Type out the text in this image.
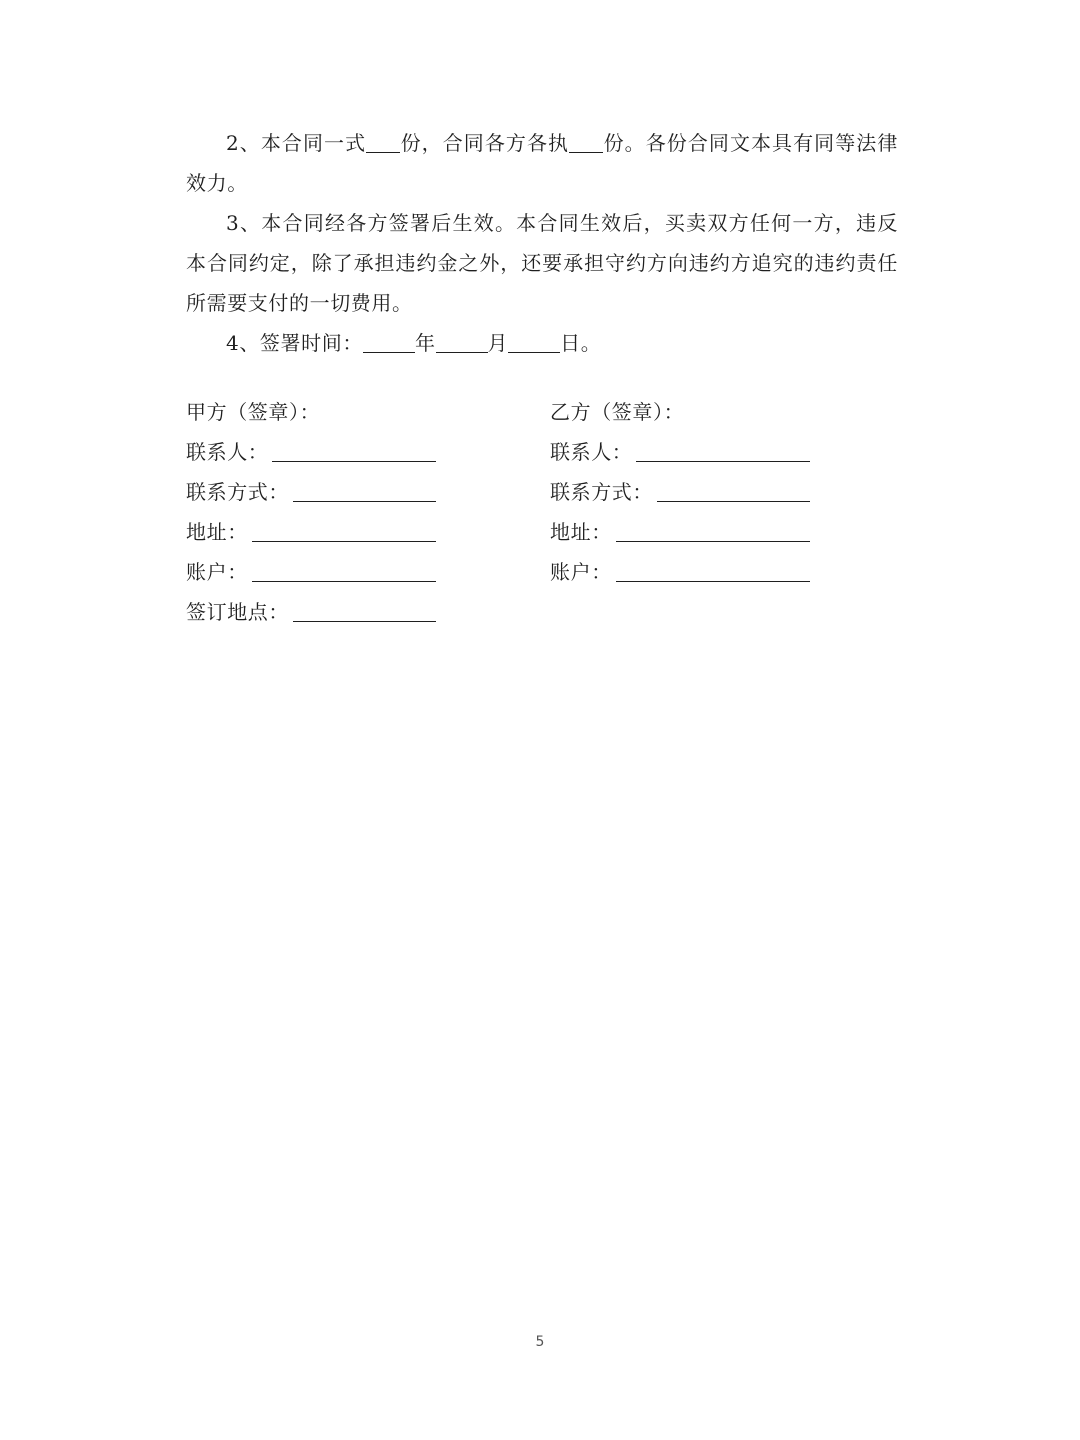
2、本合同一式 份，合同各方各执 份。各份合同文本具有同等法律效力。
3、本合同经各方签署后生效。本合同生效后，买卖双方任何一方，违反本合同约定，除了承担违约金之外，还要承担守约方向违约方追究的违约责任所需要支付的一切费用。
4、签署时间：	年	月	日。
甲方（签章）：
联系人：
联系方式：
地址：
账户：
签订地点：
乙方（签章）：
联系人：
联系方式：
地址：
账户：
5
